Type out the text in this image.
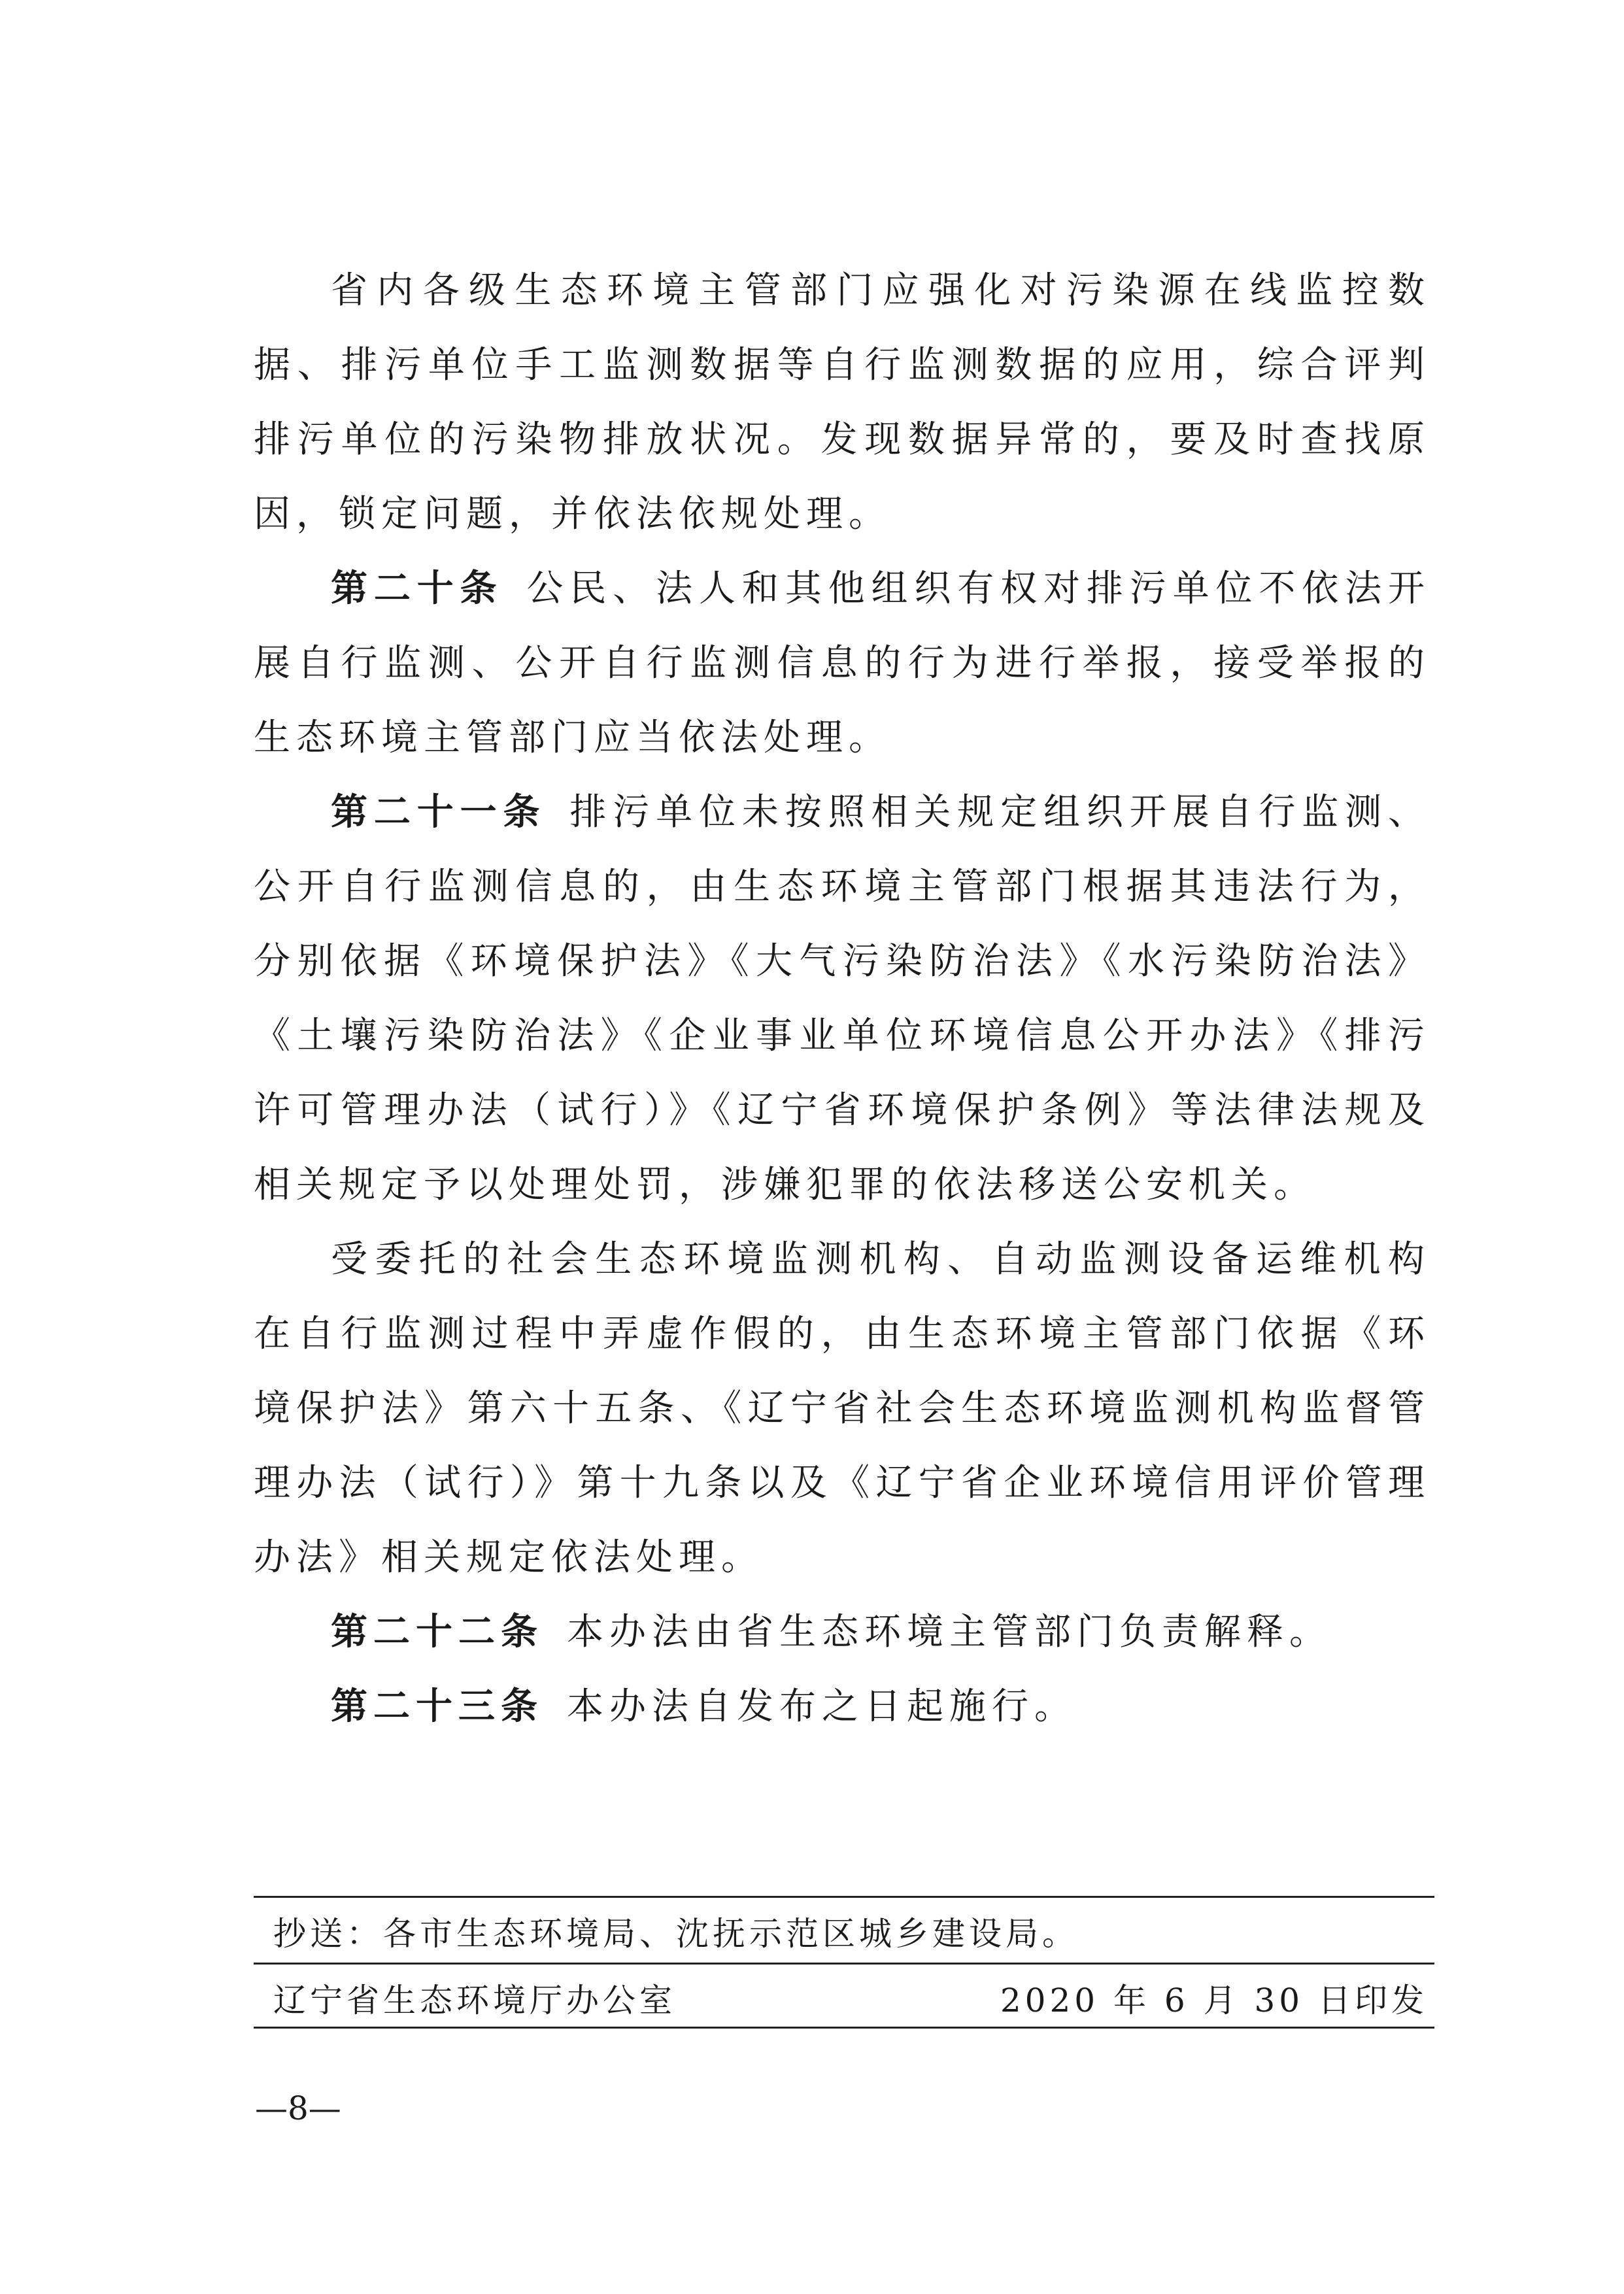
省内各级生态环境主管部门应强化对污染源在线监控数据、排污单位手工监测数据等自行监测数据的应用，综合评判排污单位的污染物排放状况。发现数据异常的，要及时查找原因，锁定问题，并依法依规处理。

第二十条 公民、法人和其他组织有权对排污单位不依法开展自行监测、公开自行监测信息的行为进行举报，接受举报的生态环境主管部门应当依法处理。

第二十一条 排污单位未按照相关规定组织开展自行监测、公开自行监测信息的，由生态环境主管部门根据其违法行为，分别依据《环境保护法》《大气污染防治法》《水污染防治法》《土壤污染防治法》《企业事业单位环境信息公开办法》《排污许可管理办法（试行）》《辽宁省环境保护条例》等法律法规及相关规定予以处理处罚，涉嫌犯罪的依法移送公安机关。

受委托的社会生态环境监测机构、自动监测设备运维机构在自行监测过程中弄虚作假的，由生态环境主管部门依据《环境保护法》第六十五条、《辽宁省社会生态环境监测机构监督管理办法（试行）》第十九条以及《辽宁省企业环境信用评价管理办法》相关规定依法处理。

第二十二条 本办法由省生态环境主管部门负责解释。

第二十三条 本办法自发布之日起施行。

抄送：各市生态环境局、沈抚示范区城乡建设局。

辽宁省生态环境厅办公室	2020 年 6 月 30 日印发

—8—
